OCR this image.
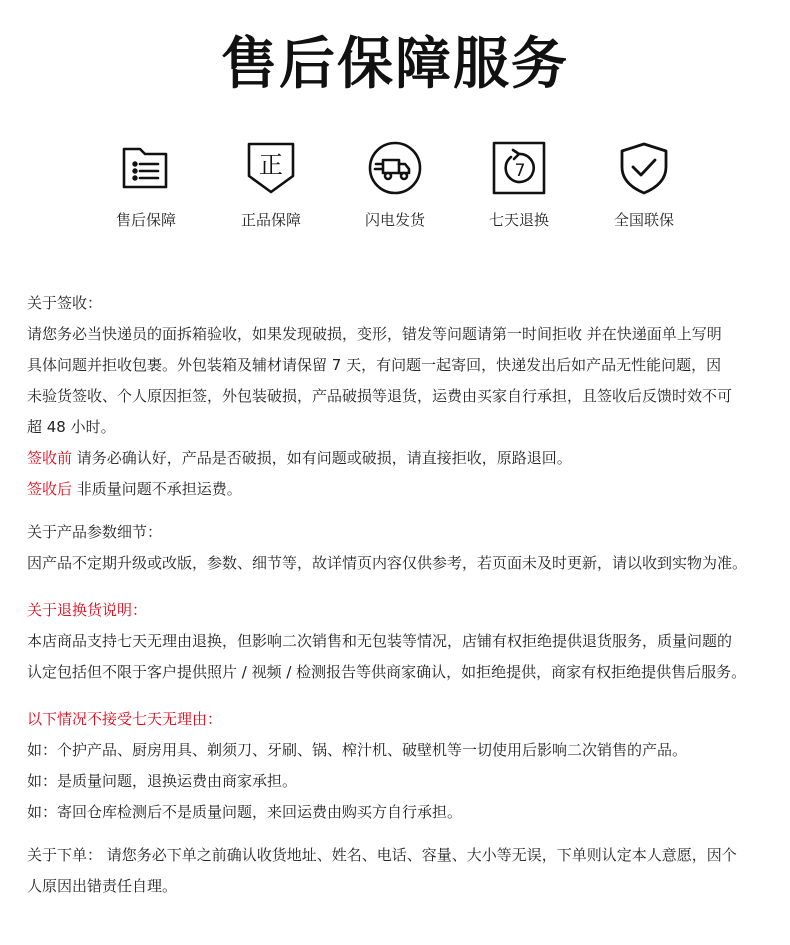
售后保障服务
售后保障
正
正品保障	闪电发货
7
七天退换	全国联保

关于签收：

请您务必当快递员的面拆箱验收，如果发现破损，变形，错发等问题请第一时间拒收 并在快递面单上写明

具体问题并拒收包裹。外包装箱及辅材请保留 7 天，有问题一起寄回，快递发出后如产品无性能问题，因

未验货签收、个人原因拒签，外包装破损，产品破损等退货，运费由买家自行承担，且签收后反馈时效不可

超 48 小时。

签收前 请务必确认好，产品是否破损，如有问题或破损，请直接拒收，原路退回。

签收后 非质量问题不承担运费。

关于产品参数细节：

因产品不定期升级或改版，参数、细节等，故详情页内容仅供参考，若页面未及时更新，请以收到实物为准。

关于退换货说明：

本店商品支持七天无理由退换，但影响二次销售和无包装等情况，店铺有权拒绝提供退货服务，质量问题的

认定包括但不限于客户提供照片 / 视频 / 检测报告等供商家确认，如拒绝提供，商家有权拒绝提供售后服务。

以下情况不接受七天无理由：

如：个护产品、厨房用具、剃须刀、牙刷、锅、榨汁机、破壁机等一切使用后影响二次销售的产品。

如：是质量问题，退换运费由商家承担。

如：寄回仓库检测后不是质量问题，来回运费由购买方自行承担。

关于下单： 请您务必下单之前确认收货地址、姓名、电话、容量、大小等无误，下单则认定本人意愿，因个

人原因出错责任自理。
